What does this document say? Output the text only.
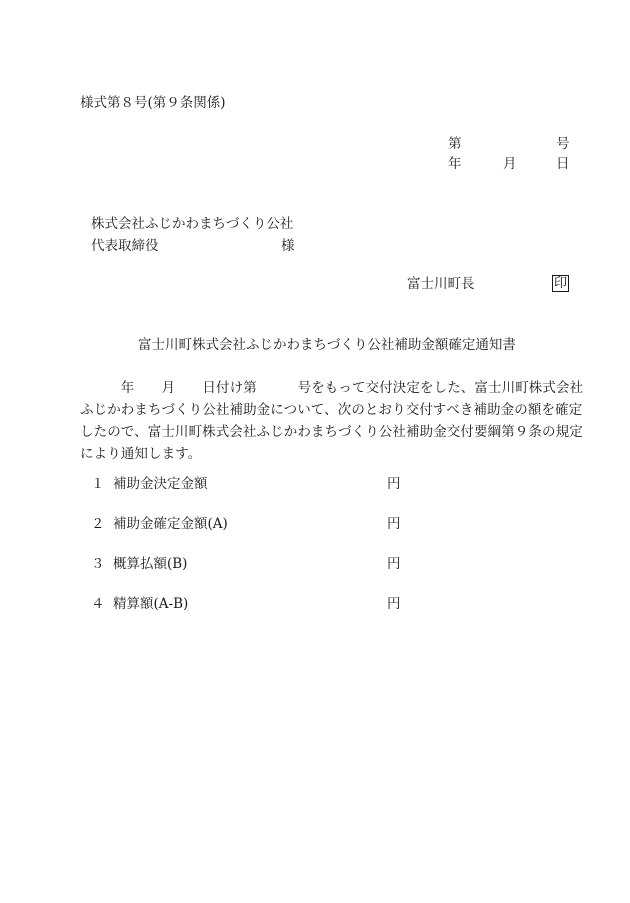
様式第８号(第９条関係)
第	号
年	月	日
株式会社ふじかわまちづくり公社
代表取締役	様
富士川町長	印
富士川町株式会社ふじかわまちづくり公社補助金額確定通知書
　　　年　　月　　日付け第　　　号をもって交付決定をした、富士川町株式会社
ふじかわまちづくり公社補助金について、次のとおり交付すべき補助金の額を確定
したので、富士川町株式会社ふじかわまちづくり公社補助金交付要綱第９条の規定
により通知します。
１ 補助金決定金額	円
２ 補助金確定金額(A)	円
３ 概算払額(B)	円
４ 精算額(A-B)	円
